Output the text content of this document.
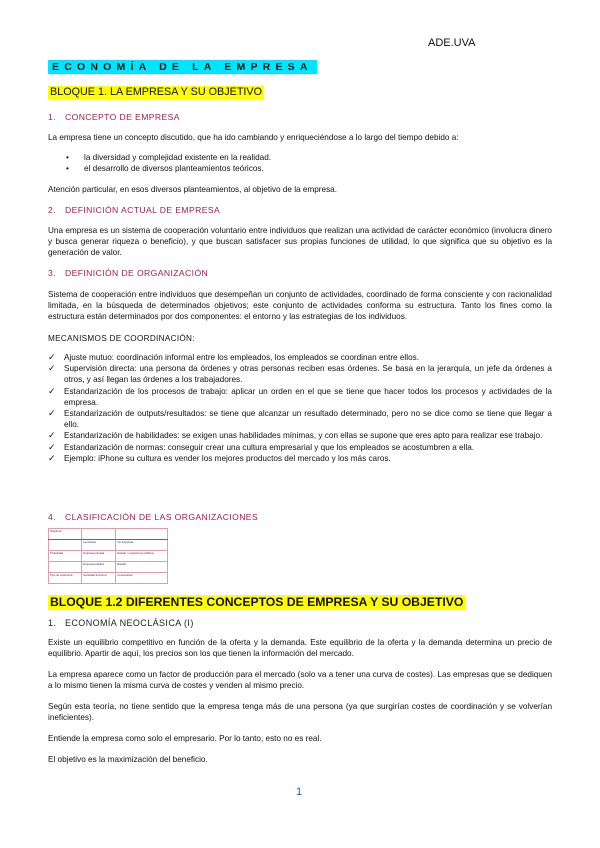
ADE.UVA
ECONOMÍA DE LA EMPRESA
BLOQUE 1. LA EMPRESA Y SU OBJETIVO
1. CONCEPTO DE EMPRESA
La empresa tiene un concepto discutido, que ha ido cambiando y enriqueciéndose a lo largo del tiempo debido a:
• la diversidad y complejidad existente en la realidad.
• el desarrollo de diversos planteamientos teóricos.
Atención particular, en esos diversos planteamientos, al objetivo de la empresa.
2. DEFINICIÓN ACTUAL DE EMPRESA
Una empresa es un sistema de cooperación voluntario entre individuos que realizan una actividad de carácter económico (involucra dinero y busca generar riqueza o beneficio), y que buscan satisfacer sus propias funciones de utilidad, lo que significa que su objetivo es la generación de valor.
3. DEFINICIÓN DE ORGANIZACIÓN
Sistema de cooperación entre individuos que desempeñan un conjunto de actividades, coordinado de forma consciente y con racionalidad limitada, en la búsqueda de determinados objetivos; este conjunto de actividades conforma su estructura. Tanto los fines como la estructura están determinados por dos componentes: el entorno y las estrategias de los individuos.
MECANISMOS DE COORDINACIÓN:
✓ Ajuste mutuo: coordinación informal entre los empleados, los empleados se coordinan entre ellos.
✓ Supervisión directa: una persona da órdenes y otras personas reciben esas órdenes. Se basa en la jerarquía, un jefe da órdenes a otros, y así llegan las órdenes a los trabajadores.
✓ Estandarización de los procesos de trabajo: aplicar un orden en el que se tiene que hacer todos los procesos y actividades de la empresa.
✓ Estandarización de outputs/resultados: se tiene que alcanzar un resultado determinado, pero no se dice como se tiene que llegar a ello.
✓ Estandarización de habilidades: se exigen unas habilidades mínimas, y con ellas se supone que eres apto para realizar ese trabajo.
✓ Estandarización de normas: conseguir crear una cultura empresarial y que los empleados se acostumbren a ella.
✓ Ejemplo: iPhone su cultura es vender los mejores productos del mercado y los más caros.
4. CLASIFICACIÓN DE LAS ORGANIZACIONES
Objetivos		
	Lucrativas	No lucrativas
Titularidad	Empresa privada	Estado / organismos públicos
	Empresa pública	Estado
Tipo de estructura	Sociedad anónima	Cooperativa
BLOQUE 1.2 DIFERENTES CONCEPTOS DE EMPRESA Y SU OBJETIVO
1. ECONOMÍA NEOCLÁSICA (I)
Existe un equilibrio competitivo en función de la oferta y la demanda. Este equilibrio de la oferta y la demanda determina un precio de equilibrio. Apartir de aquí, los precios son los que tienen la información del mercado.
La empresa aparece como un factor de producción para el mercado (solo va a tener una curva de costes). Las empresas que se dediquen a lo mismo tienen la misma curva de costes y venden al mismo precio.
Según esta teoría, no tiene sentido que la empresa tenga más de una persona (ya que surgirían costes de coordinación y se volverían ineficientes).
Entiende la empresa como solo el empresario. Por lo tanto, esto no es real.
El objetivo es la maximización del beneficio.
1
